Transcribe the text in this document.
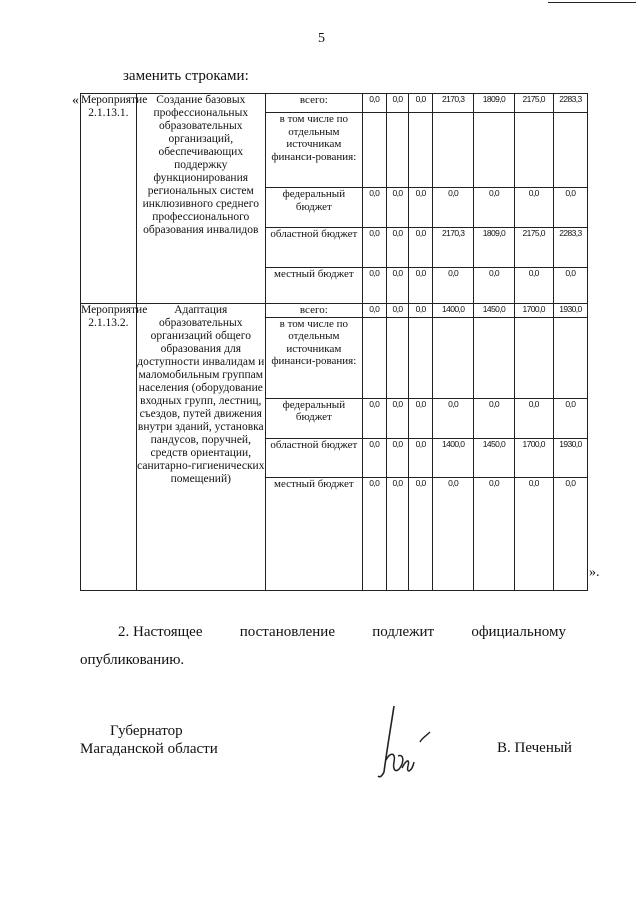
5
заменить строками:
« Мероприятие 2.1.13.1.	Создание базовых профессиональных образовательных организаций, обеспечивающих поддержку функционирования региональных систем инклюзивного среднего профессионального образования инвалидов	всего:	0,0	0,0	0,0	2170,3	1809,0	2175,0	2283,3
		в том числе по отдельным источникам финанси-рования:							
		федеральный бюджет	0,0	0,0	0,0	0,0	0,0	0,0	0,0
		областной бюджет	0,0	0,0	0,0	2170,3	1809,0	2175,0	2283,3
		местный бюджет	0,0	0,0	0,0	0,0	0,0	0,0	0,0
Мероприятие 2.1.13.2.	Адаптация образовательных организаций общего образования для доступности инвалидам и маломобильным группам населения (оборудование входных групп, лестниц, съездов, путей движения внутри зданий, установка пандусов, поручней, средств ориентации, санитарно-гигиенических помещений)	всего:	0,0	0,0	0,0	1400,0	1450,0	1700,0	1930,0
		в том числе по отдельным источникам финанси-рования:							
		федеральный бюджет	0,0	0,0	0,0	0,0	0,0	0,0	0,0
		областной бюджет	0,0	0,0	0,0	1400,0	1450,0	1700,0	1930,0
		местный бюджет	0,0	0,0	0,0	0,0	0,0	0,0	0,0
».
2. Настоящее постановление подлежит официальному
опубликованию.
Губернатор
Магаданской области	В. Печеный
